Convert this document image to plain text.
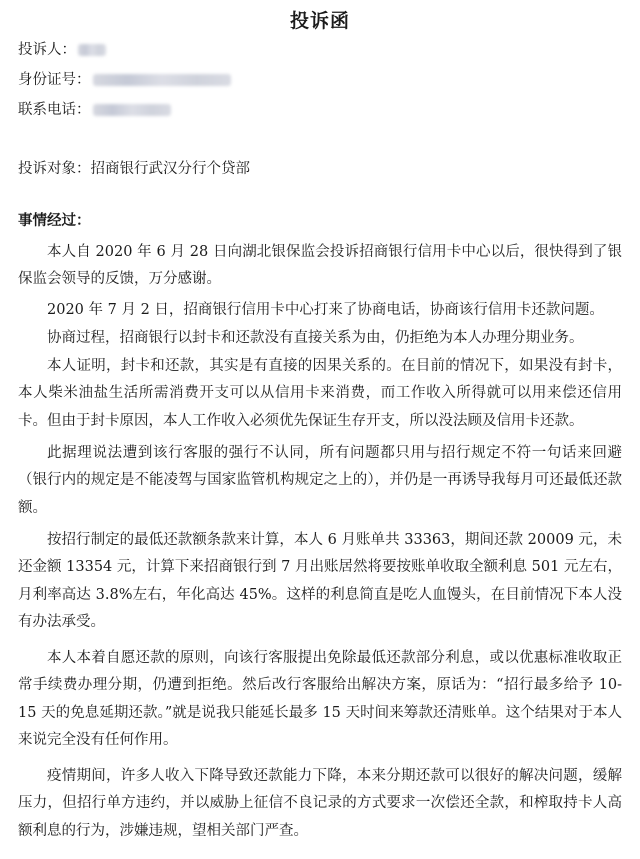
投诉函
投诉人：
身份证号：
联系电话：
投诉对象：招商银行武汉分行个贷部
事情经过：

本人自 2020 年 6 月 28 日向湖北银保监会投诉招商银行信用卡中心以后，很快得到了银保监会领导的反馈，万分感谢。

2020 年 7 月 2 日，招商银行信用卡中心打来了协商电话，协商该行信用卡还款问题。

协商过程，招商银行以封卡和还款没有直接关系为由，仍拒绝为本人办理分期业务。

本人证明，封卡和还款，其实是有直接的因果关系的。在目前的情况下，如果没有封卡，本人柴米油盐生活所需消费开支可以从信用卡来消费，而工作收入所得就可以用来偿还信用卡。但由于封卡原因，本人工作收入必须优先保证生存开支，所以没法顾及信用卡还款。

此据理说法遭到该行客服的强行不认同，所有问题都只用与招行规定不符一句话来回避（银行内的规定是不能凌驾与国家监管机构规定之上的），并仍是一再诱导我每月可还最低还款额。

按招行制定的最低还款额条款来计算，本人 6 月账单共 33363，期间还款 20009 元，未还金额 13354 元，计算下来招商银行到 7 月出账居然将要按账单收取全额利息 501 元左右，月利率高达 3.8%左右，年化高达 45%。这样的利息简直是吃人血馒头，在目前情况下本人没有办法承受。

本人本着自愿还款的原则，向该行客服提出免除最低还款部分利息，或以优惠标准收取正常手续费办理分期，仍遭到拒绝。然后改行客服给出解决方案，原话为：“招行最多给予 10-15 天的免息延期还款。”就是说我只能延长最多 15 天时间来筹款还清账单。这个结果对于本人来说完全没有任何作用。

疫情期间，许多人收入下降导致还款能力下降，本来分期还款可以很好的解决问题，缓解压力，但招行单方违约，并以威胁上征信不良记录的方式要求一次偿还全款，和榨取持卡人高额利息的行为，涉嫌违规，望相关部门严查。
